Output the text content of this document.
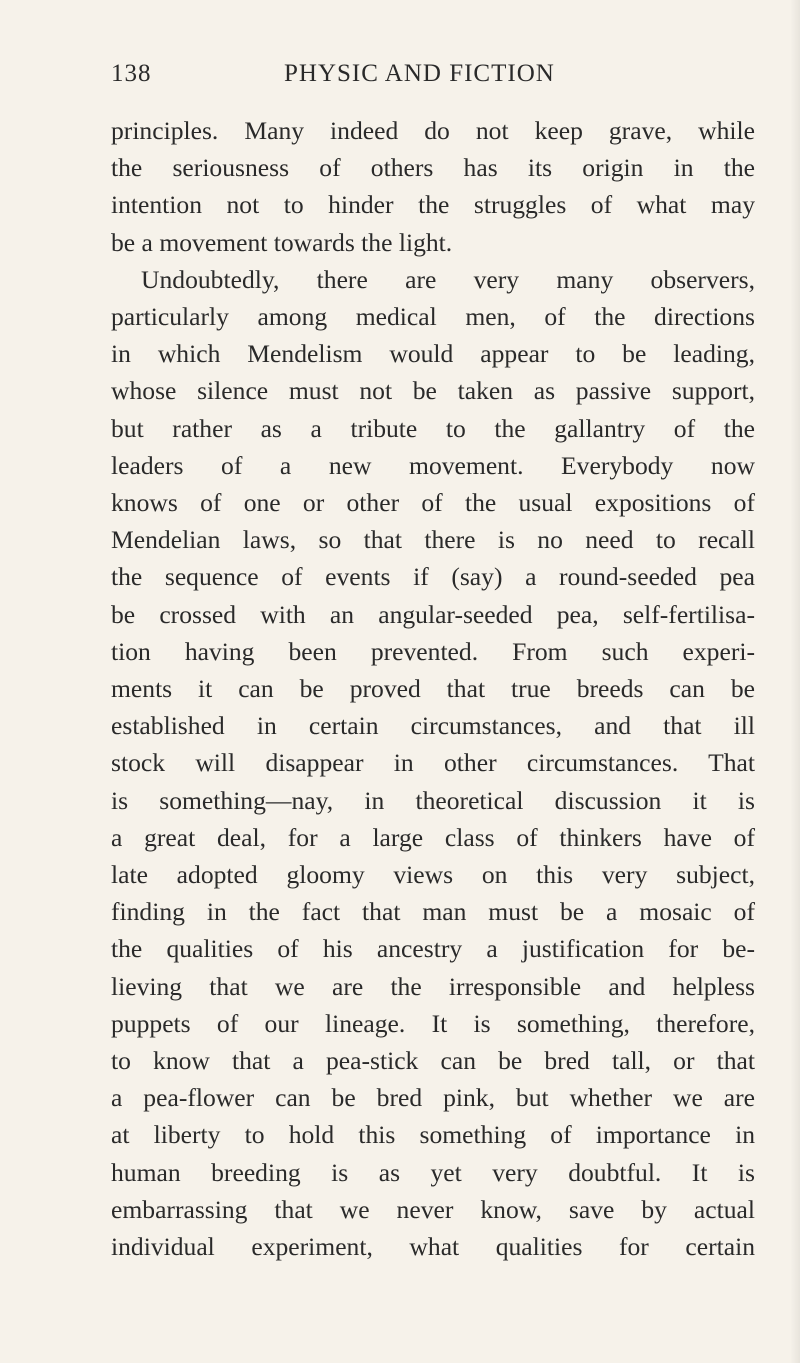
138	PHYSIC AND FICTION
principles. Many indeed do not keep grave, while
the seriousness of others has its origin in the
intention not to hinder the struggles of what may
be a movement towards the light.
Undoubtedly, there are very many observers,
particularly among medical men, of the directions
in which Mendelism would appear to be leading,
whose silence must not be taken as passive support,
but rather as a tribute to the gallantry of the
leaders of a new movement. Everybody now
knows of one or other of the usual expositions of
Mendelian laws, so that there is no need to recall
the sequence of events if (say) a round-seeded pea
be crossed with an angular-seeded pea, self-fertilisa-
tion having been prevented. From such experi-
ments it can be proved that true breeds can be
established in certain circumstances, and that ill
stock will disappear in other circumstances. That
is something—nay, in theoretical discussion it is
a great deal, for a large class of thinkers have of
late adopted gloomy views on this very subject,
finding in the fact that man must be a mosaic of
the qualities of his ancestry a justification for be-
lieving that we are the irresponsible and helpless
puppets of our lineage. It is something, therefore,
to know that a pea-stick can be bred tall, or that
a pea-flower can be bred pink, but whether we are
at liberty to hold this something of importance in
human breeding is as yet very doubtful. It is
embarrassing that we never know, save by actual
individual experiment, what qualities for certain
